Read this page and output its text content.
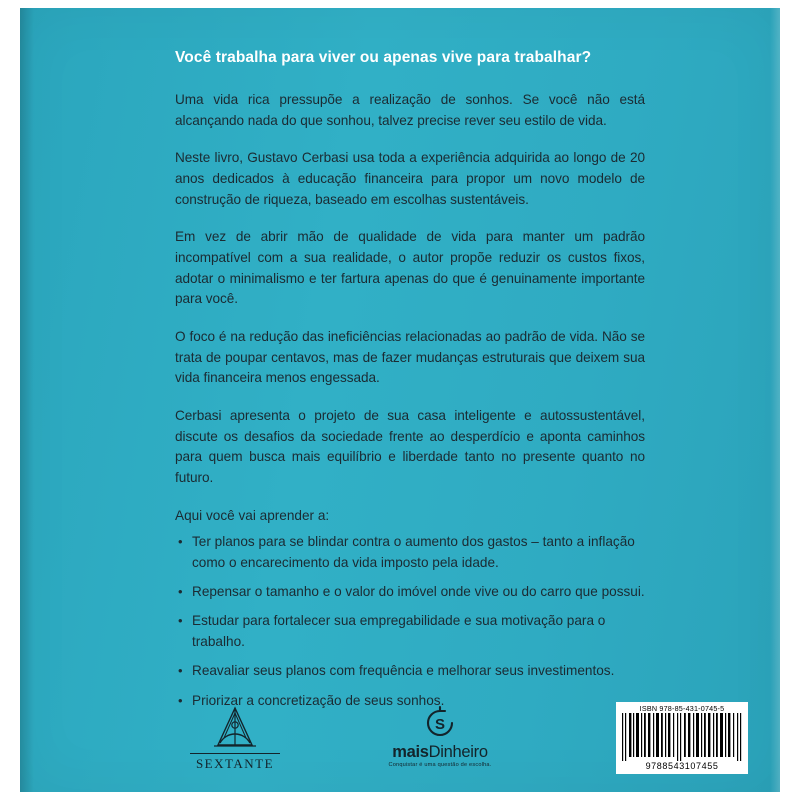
Você trabalha para viver ou apenas vive para trabalhar?

Uma vida rica pressupõe a realização de sonhos. Se você não está alcançando nada do que sonhou, talvez precise rever seu estilo de vida.

Neste livro, Gustavo Cerbasi usa toda a experiência adquirida ao longo de 20 anos dedicados à educação financeira para propor um novo modelo de construção de riqueza, baseado em escolhas sustentáveis.

Em vez de abrir mão de qualidade de vida para manter um padrão incompatível com a sua realidade, o autor propõe reduzir os custos fixos, adotar o minimalismo e ter fartura apenas do que é genuinamente importante para você.

O foco é na redução das ineficiências relacionadas ao padrão de vida. Não se trata de poupar centavos, mas de fazer mudanças estruturais que deixem sua vida financeira menos engessada.

Cerbasi apresenta o projeto de sua casa inteligente e autossustentável, discute os desafios da sociedade frente ao desperdício e aponta caminhos para quem busca mais equilíbrio e liberdade tanto no presente quanto no futuro.

Aqui você vai aprender a:

• Ter planos para se blindar contra o aumento dos gastos – tanto a inflação como o encarecimento da vida imposto pela idade.
• Repensar o tamanho e o valor do imóvel onde vive ou do carro que possui.
• Estudar para fortalecer sua empregabilidade e sua motivação para o trabalho.
• Reavaliar seus planos com frequência e melhorar seus investimentos.
• Priorizar a concretização de seus sonhos.
SEXTANTE
S
maisDinheiro
Conquistar é uma questão de escolha.
ISBN 978-85-431-0745-5
9788543107455
